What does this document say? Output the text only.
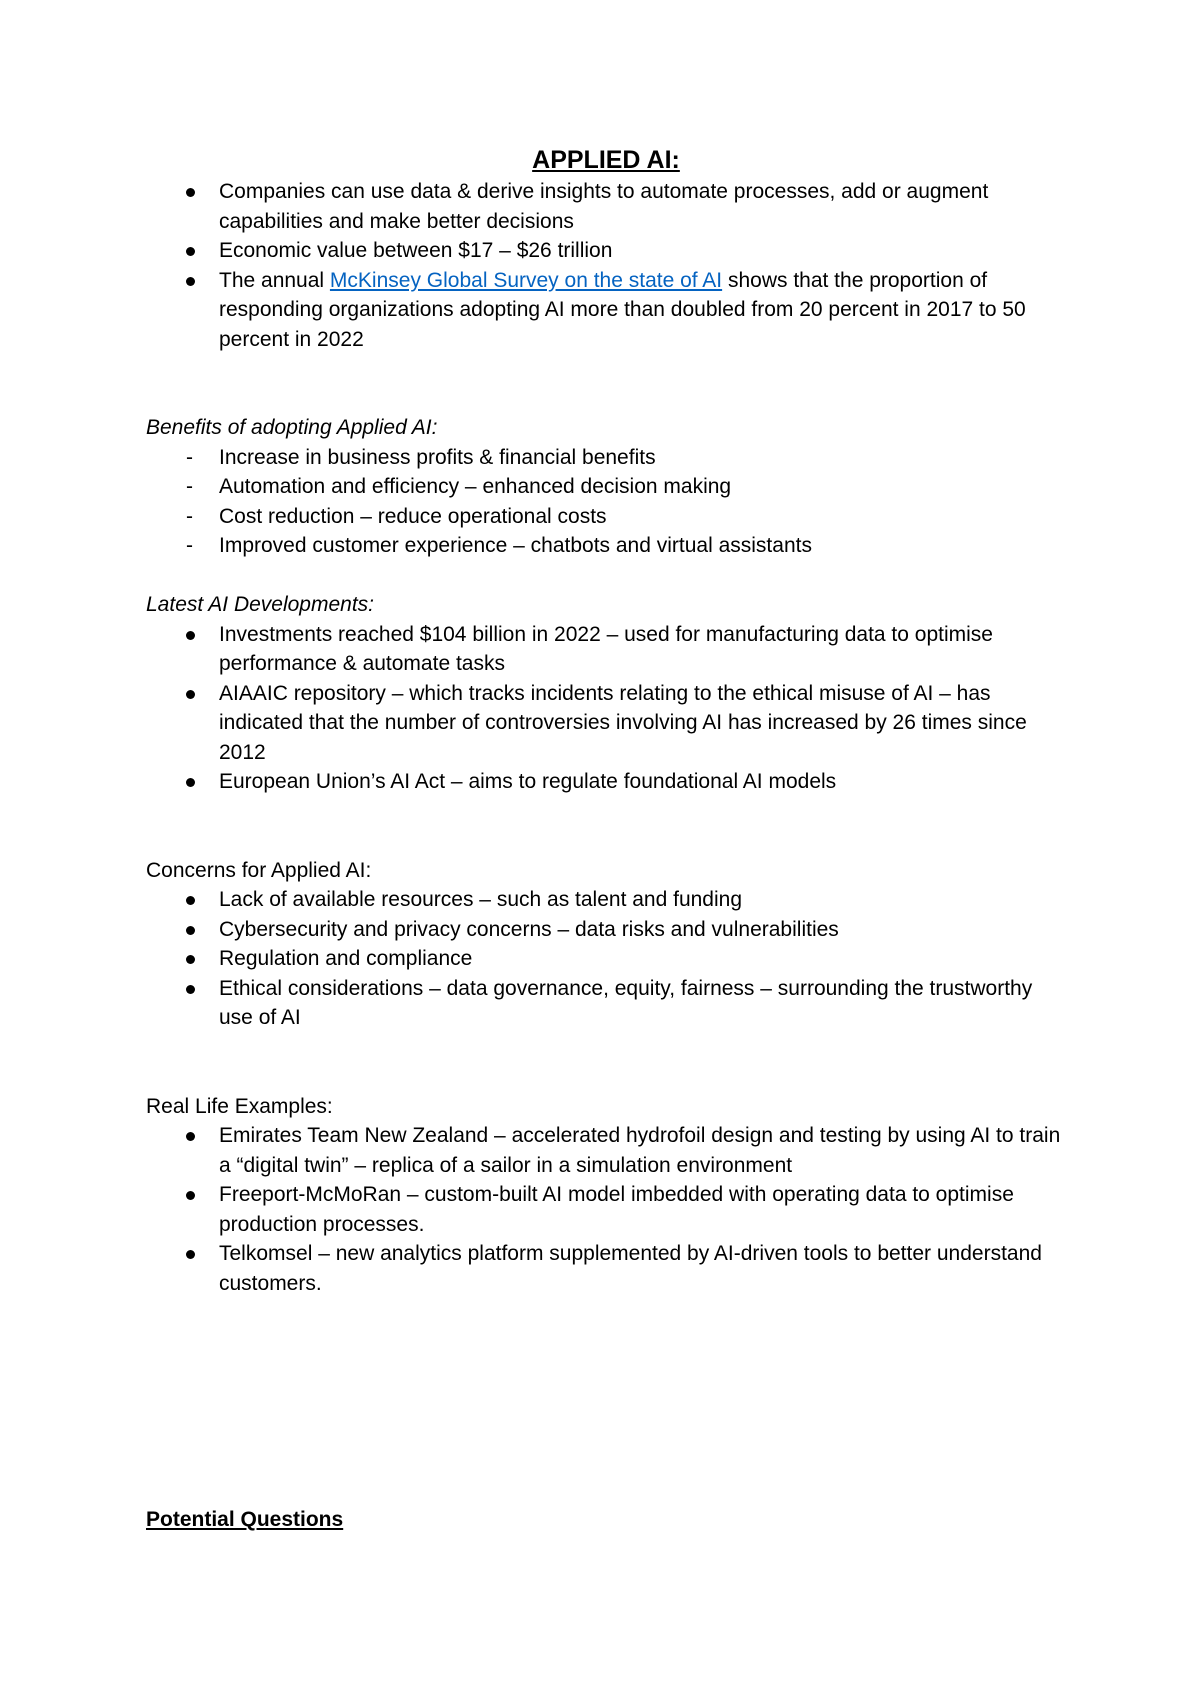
APPLIED AI:
Companies can use data & derive insights to automate processes, add or augment capabilities and make better decisions
Economic value between $17 – $26 trillion
The annual McKinsey Global Survey on the state of AI shows that the proportion of responding organizations adopting AI more than doubled from 20 percent in 2017 to 50 percent in 2022

Benefits of adopting Applied AI:

-	Increase in business profits & financial benefits
-	Automation and efficiency – enhanced decision making
-	Cost reduction – reduce operational costs
-	Improved customer experience – chatbots and virtual assistants

Latest AI Developments:

Investments reached $104 billion in 2022 – used for manufacturing data to optimise performance & automate tasks
AIAAIC repository – which tracks incidents relating to the ethical misuse of AI – has indicated that the number of controversies involving AI has increased by 26 times since 2012
European Union’s AI Act – aims to regulate foundational AI models

Concerns for Applied AI:

Lack of available resources – such as talent and funding
Cybersecurity and privacy concerns – data risks and vulnerabilities
Regulation and compliance
Ethical considerations – data governance, equity, fairness – surrounding the trustworthy use of AI

Real Life Examples:

Emirates Team New Zealand – accelerated hydrofoil design and testing by using AI to train a “digital twin” – replica of a sailor in a simulation environment
Freeport-McMoRan – custom-built AI model imbedded with operating data to optimise production processes.
Telkomsel – new analytics platform supplemented by AI-driven tools to better understand customers.

Potential Questions
